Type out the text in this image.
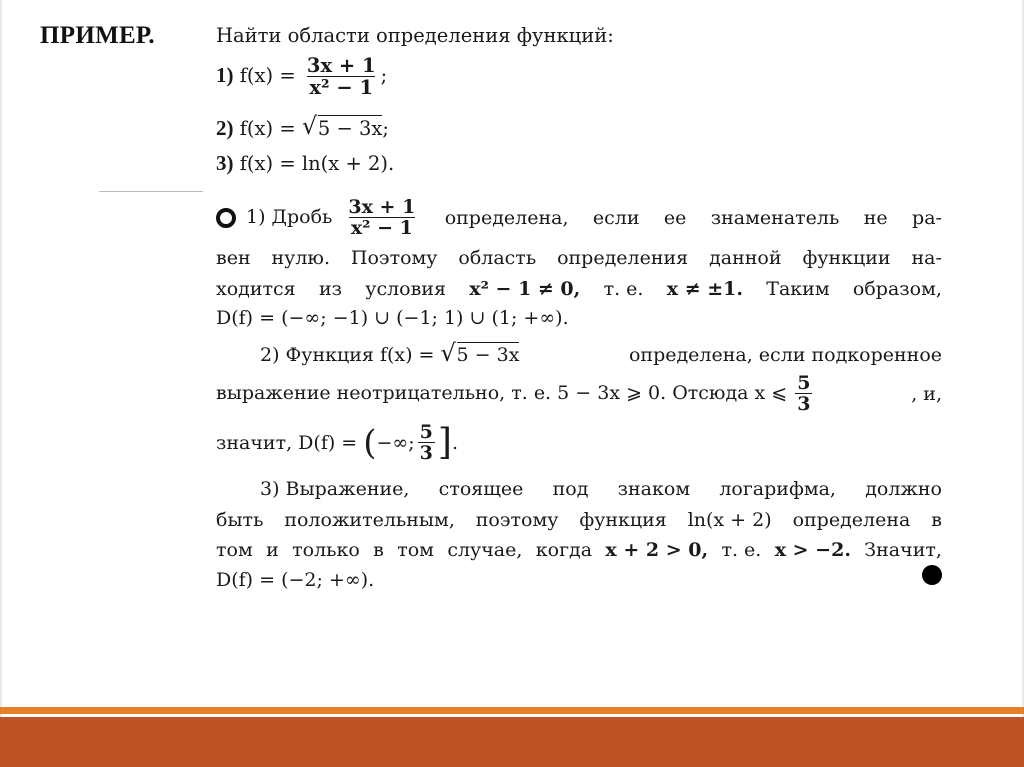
ПРИМЕР.	Найти области определения функций:
1) $f(x) = \frac{3x + 1}{\text{x² − 1}}$ ;
2) f(x) = √ 5 − 3x;
3) f(x) = ln(x + 2).
1) Дробь $\frac{3x + 1}{\text{x² − 1}}$ определена, если ее знаменатель не ра-
вен нулю. Поэтому область определения данной функции на-
ходится из условия x² − 1 ≠ 0, т. е. x ≠ ±1. Таким образом,
D(f) = (−∞; −1) ∪ (−1; 1) ∪ (1; +∞).
2) Функция f(x) = √ 5 − 3x	определена, если подкоренное
выражение неотрицательно, т. е. 5 − 3x ⩾ 0. Отсюда x ⩽ $\frac{5}{3}$	, и,
значит, D(f) = ( −∞; $\frac{5}{3}$ ] .
3) Выражение, стоящее под знаком логарифма, должно
быть положительным, поэтому функция ln(x + 2) определена в
том и только в том случае, когда x + 2 > 0, т. е. x > −2. Значит,
D(f) = (−2; +∞).
